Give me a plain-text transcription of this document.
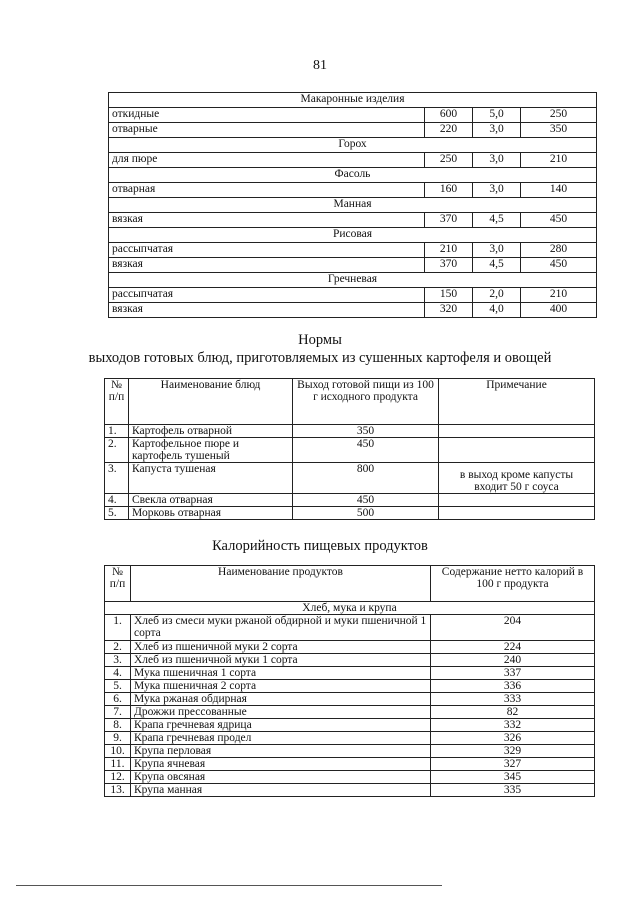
81
Макаронные изделия			
откидные	600	5,0	250
отварные	220	3,0	350
Горох			
для пюре	250	3,0	210
Фасоль			
отварная	160	3,0	140
Манная			
вязкая	370	4,5	450
Рисовая			
рассыпчатая	210	3,0	280
вязкая	370	4,5	450
Гречневая			
рассыпчатая	150	2,0	210
вязкая	320	4,0	400
Нормы
выходов готовых блюд, приготовляемых из сушенных картофеля и овощей
№ п/п	Наименование блюд	Выход готовой пищи из 100 г исходного продукта	Примечание
1.	Картофель отварной	350	
2.	Картофельное пюре и картофель тушеный	450	
3.	Капуста тушеная	800	в выход кроме капусты входит 50 г соуса
4.	Свекла отварная	450	
5.	Морковь отварная	500	
Калорийность пищевых продуктов
№ п/п	Наименование продуктов	Содержание нетто калорий в 100 г продукта
Хлеб, мука и крупа		
1.	Хлеб из смеси муки ржаной обдирной и муки пшеничной 1 сорта	204
2.	Хлеб из пшеничной муки 2 сорта	224
3.	Хлеб из пшеничной муки 1 сорта	240
4.	Мука пшеничная 1 сорта	337
5.	Мука пшеничная 2 сорта	336
6.	Мука ржаная обдирная	333
7.	Дрожжи прессованные	82
8.	Крапа гречневая ядрица	332
9.	Крапа гречневая продел	326
10.	Крупа перловая	329
11.	Крупа ячневая	327
12.	Крупа овсяная	345
13.	Крупа манная	335
